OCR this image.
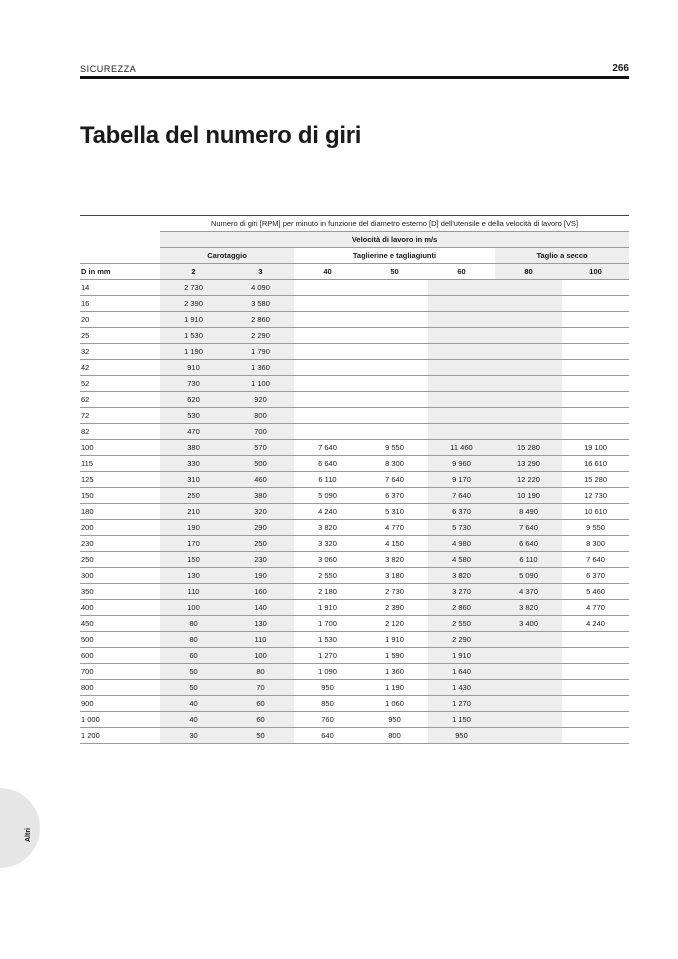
SICUREZZA	266
Tabella del numero di giri
	Numero di giri [RPM] per minuto in funzione del diametro esterno [D] dell'utensile e della velocità di lavoro [VS]						
	Velocità di lavoro in m/s						
	Carotaggio		Taglierine e tagliagiunti			Taglio a secco	
D in mm	2	3	40	50	60	80	100
14	2 730	4 090					
16	2 390	3 580					
20	1 910	2 860					
25	1 530	2 290					
32	1 190	1 790					
42	910	1 360					
52	730	1 100					
62	620	920					
72	530	800					
82	470	700					
100	380	570	7 640	9 550	11 460	15 280	19 100
115	330	500	6 640	8 300	9 960	13 290	16 610
125	310	460	6 110	7 640	9 170	12 220	15 280
150	250	380	5 090	6 370	7 640	10 190	12 730
180	210	320	4 240	5 310	6 370	8 490	10 610
200	190	290	3 820	4 770	5 730	7 640	9 550
230	170	250	3 320	4 150	4 980	6 640	8 300
250	150	230	3 060	3 820	4 580	6 110	7 640
300	130	190	2 550	3 180	3 820	5 090	6 370
350	110	160	2 180	2 730	3 270	4 370	5 460
400	100	140	1 910	2 390	2 860	3 820	4 770
450	80	130	1 700	2 120	2 550	3 400	4 240
500	80	110	1 530	1 910	2 290		
600	60	100	1 270	1 590	1 910		
700	50	80	1 090	1 360	1 640		
800	50	70	950	1 190	1 430		
900	40	60	850	1 060	1 270		
1 000	40	60	760	950	1 150		
1 200	30	50	640	800	950		
Altri
